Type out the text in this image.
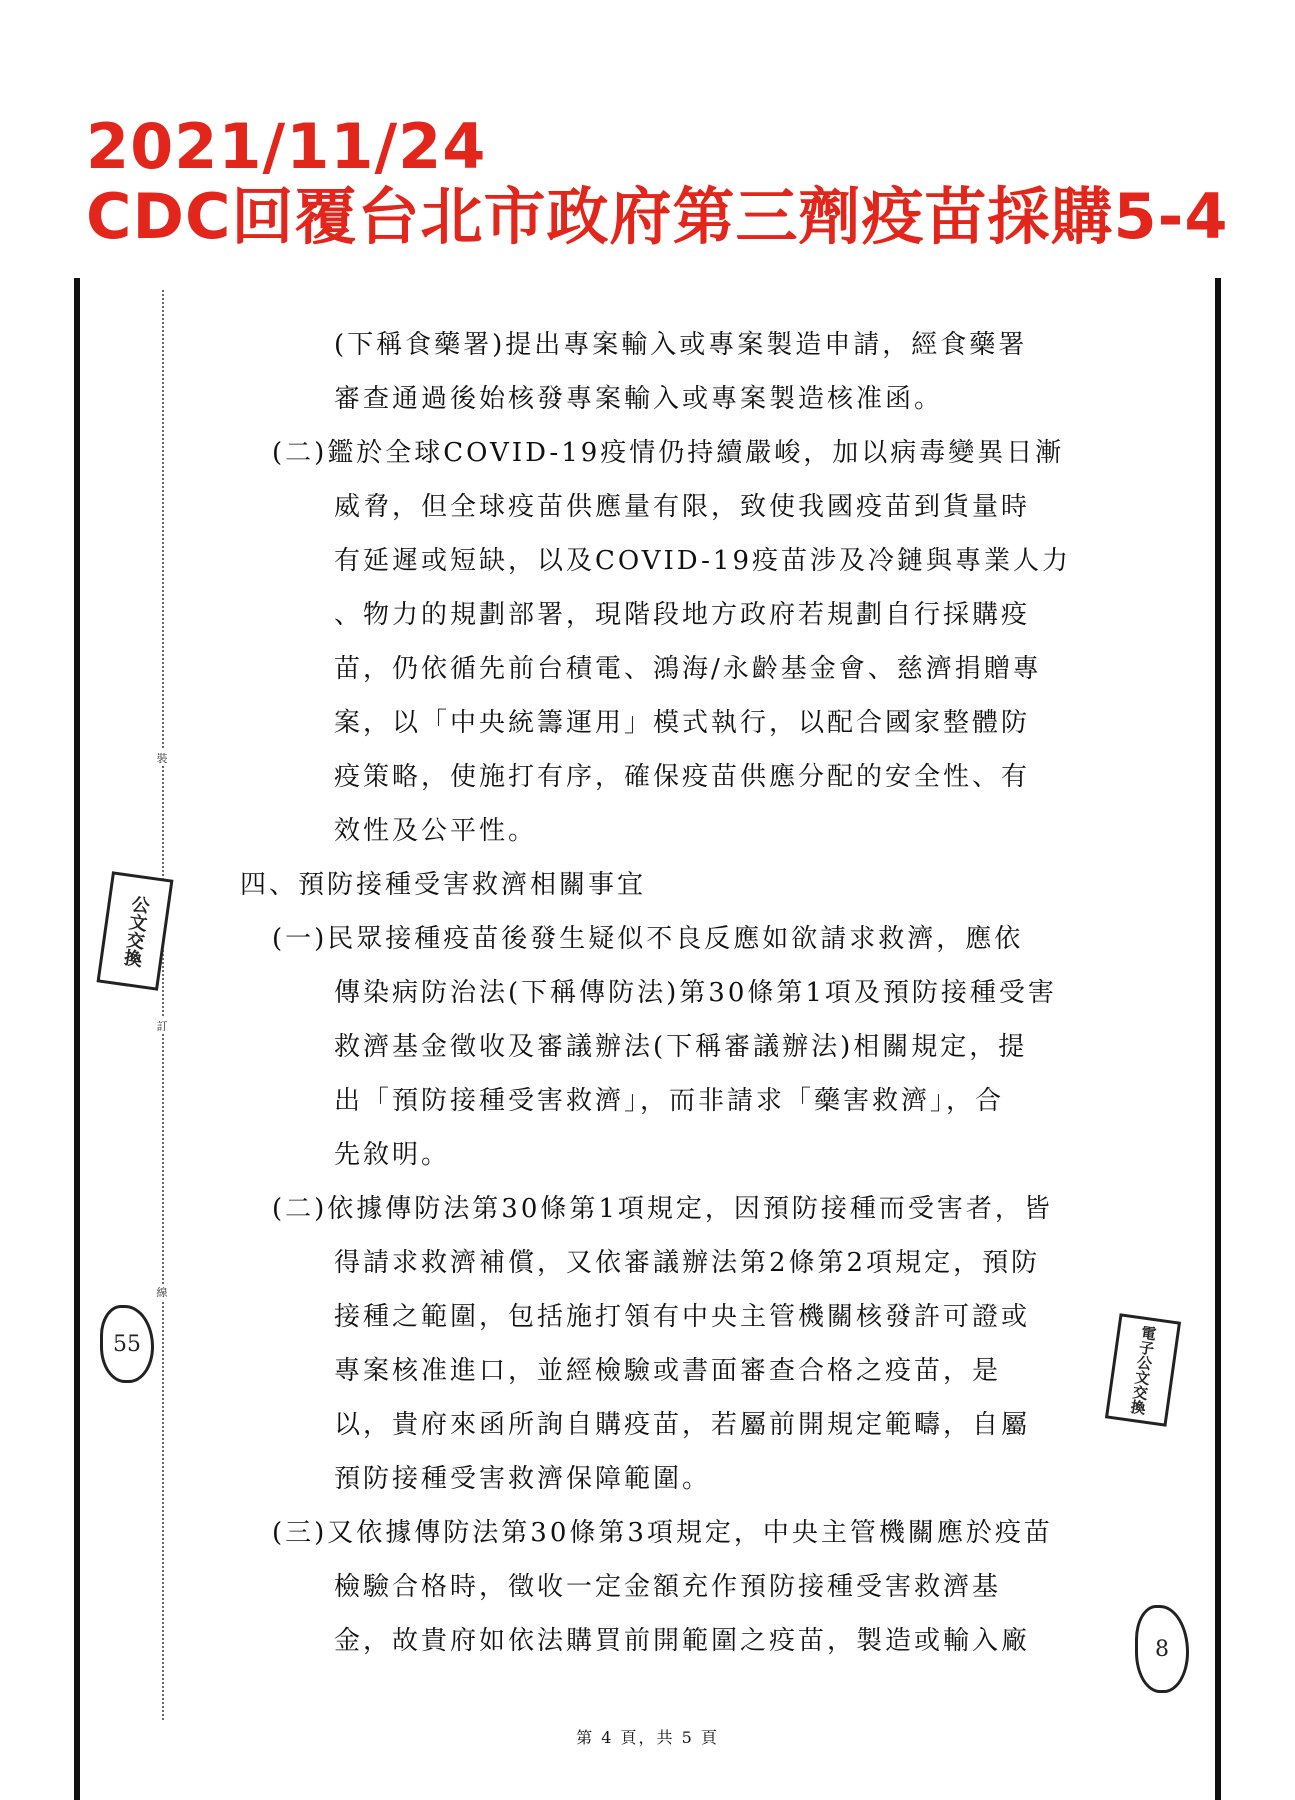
2021/11/24
CDC回覆台北市政府第三劑疫苗採購5-4
裝
訂
線
公文交換
電子公文交換
55
8
(下稱食藥署)提出專案輸入或專案製造申請，經食藥署
審查通過後始核發專案輸入或專案製造核准函。
(二)鑑於全球COVID-19疫情仍持續嚴峻，加以病毒變異日漸
威脅，但全球疫苗供應量有限，致使我國疫苗到貨量時
有延遲或短缺，以及COVID-19疫苗涉及冷鏈與專業人力
、物力的規劃部署，現階段地方政府若規劃自行採購疫
苗，仍依循先前台積電、鴻海/永齡基金會、慈濟捐贈專
案，以「中央統籌運用」模式執行，以配合國家整體防
疫策略，使施打有序，確保疫苗供應分配的安全性、有
效性及公平性。
四、預防接種受害救濟相關事宜
(一)民眾接種疫苗後發生疑似不良反應如欲請求救濟，應依
傳染病防治法(下稱傳防法)第30條第1項及預防接種受害
救濟基金徵收及審議辦法(下稱審議辦法)相關規定，提
出「預防接種受害救濟」，而非請求「藥害救濟」，合
先敘明。
(二)依據傳防法第30條第1項規定，因預防接種而受害者，皆
得請求救濟補償，又依審議辦法第2條第2項規定，預防
接種之範圍，包括施打領有中央主管機關核發許可證或
專案核准進口，並經檢驗或書面審查合格之疫苗，是
以，貴府來函所詢自購疫苗，若屬前開規定範疇，自屬
預防接種受害救濟保障範圍。
(三)又依據傳防法第30條第3項規定，中央主管機關應於疫苗
檢驗合格時，徵收一定金額充作預防接種受害救濟基
金，故貴府如依法購買前開範圍之疫苗，製造或輸入廠
第 4 頁，共 5 頁
